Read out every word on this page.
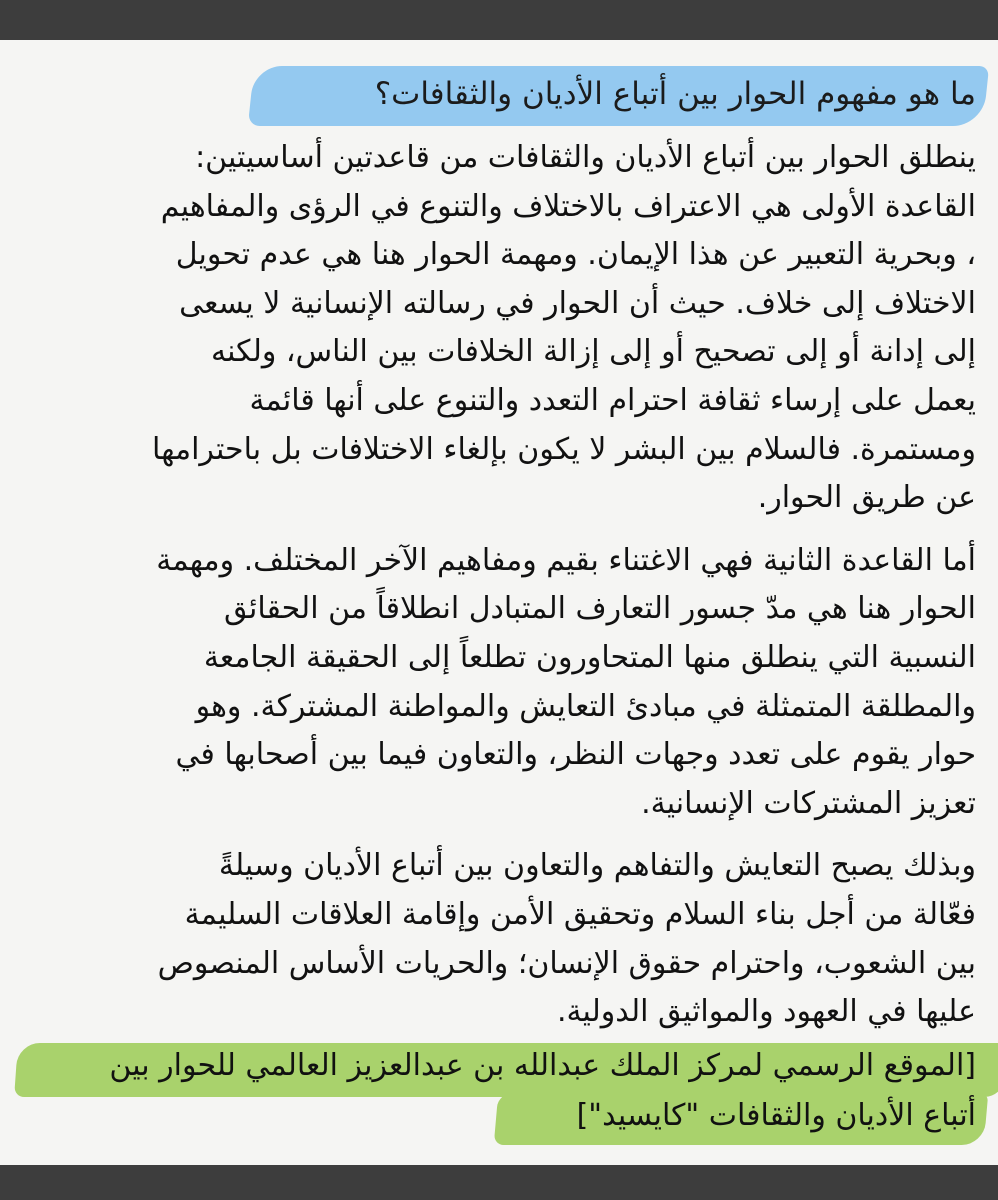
ما هو مفهوم الحوار بين أتباع الأديان والثقافات؟

ينطلق الحوار بين أتباع الأديان والثقافات من قاعدتين أساسيتين:
القاعدة الأولى هي الاعتراف بالاختلاف والتنوع في الرؤى والمفاهيم
، وبحرية التعبير عن هذا الإيمان. ومهمة الحوار هنا هي عدم تحويل
الاختلاف إلى خلاف. حيث أن الحوار في رسالته الإنسانية لا يسعى
إلى إدانة أو إلى تصحيح أو إلى إزالة الخلافات بين الناس، ولكنه
يعمل على إرساء ثقافة احترام التعدد والتنوع على أنها قائمة
ومستمرة. فالسلام بين البشر لا يكون بإلغاء الاختلافات بل باحترامها
عن طريق الحوار.

أما القاعدة الثانية فهي الاغتناء بقيم ومفاهيم الآخر المختلف. ومهمة
الحوار هنا هي مدّ جسور التعارف المتبادل انطلاقاً من الحقائق
النسبية التي ينطلق منها المتحاورون تطلعاً إلى الحقيقة الجامعة
والمطلقة المتمثلة في مبادئ التعايش والمواطنة المشتركة. وهو
حوار يقوم على تعدد وجهات النظر، والتعاون فيما بين أصحابها في
تعزيز المشتركات الإنسانية.

وبذلك يصبح التعايش والتفاهم والتعاون بين أتباع الأديان وسيلةً
فعّالة من أجل بناء السلام وتحقيق الأمن وإقامة العلاقات السليمة
بين الشعوب، واحترام حقوق الإنسان؛ والحريات الأساس المنصوص
عليها في العهود والمواثيق الدولية.

[الموقع الرسمي لمركز الملك عبدالله بن عبدالعزيز العالمي للحوار بين
أتباع الأديان والثقافات "كايسيد"]
